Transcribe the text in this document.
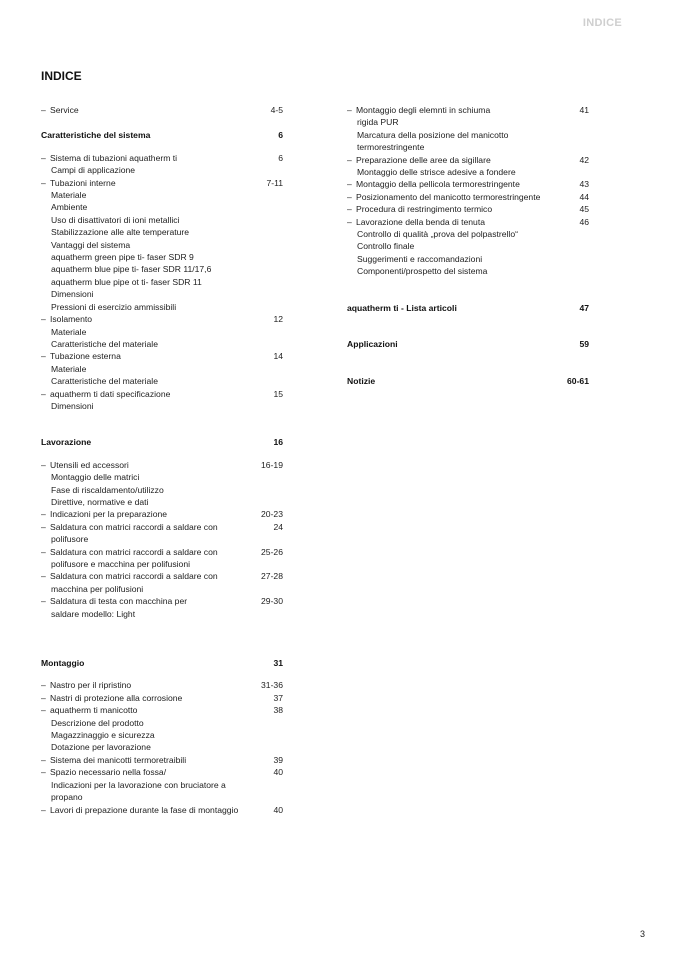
INDICE
INDICE
– Service	4-5
Caratteristiche del sistema	6
– Sistema di tubazioni aquatherm ti	6
Campi di applicazione
– Tubazioni interne	7-11
Materiale
Ambiente
Uso di disattivatori di ioni metallici
Stabilizzazione alle alte temperature
Vantaggi del sistema
aquatherm green pipe ti- faser SDR 9
aquatherm blue pipe ti- faser SDR 11/17,6
aquatherm blue pipe ot ti- faser SDR 11
Dimensioni
Pressioni di esercizio ammissibili
– Isolamento	12
Materiale
Caratteristiche del materiale
– Tubazione esterna	14
Materiale
Caratteristiche del materiale
– aquatherm ti dati specificazione	15
Dimensioni
Lavorazione	16
– Utensili ed accessori	16-19
Montaggio delle matrici
Fase di riscaldamento/utilizzo
Direttive, normative e dati
– Indicazioni per la preparazione	20-23
– Saldatura con matrici raccordi a saldare con	24
polifusore
– Saldatura con matrici raccordi a saldare con	25-26
polifusore e macchina per polifusioni
– Saldatura con matrici raccordi a saldare con	27-28
macchina per polifusioni
– Saldatura di testa con macchina per	29-30
saldare modello: Light
Montaggio	31
– Nastro per il ripristino	31-36
– Nastri di protezione alla corrosione	37
– aquatherm ti manicotto	38
Descrizione del prodotto
Magazzinaggio e sicurezza
Dotazione per lavorazione
– Sistema dei manicotti termoretraibili	39
– Spazio necessario nella fossa/	40
Indicazioni per la lavorazione con bruciatore a
propano
– Lavori di prepazione durante la fase di montaggio	40
– Montaggio degli elemnti in schiuma	41
rigida PUR
Marcatura della posizione del manicotto
termorestringente
– Preparazione delle aree da sigillare	42
Montaggio delle strisce adesive a fondere
– Montaggio della pellicola termorestringente	43
– Posizionamento del manicotto termorestringente	44
– Procedura di restringimento termico	45
– Lavorazione della benda di tenuta	46
Controllo di qualità „prova del polpastrello“
Controllo finale
Suggerimenti e raccomandazioni
Componenti/prospetto del sistema
aquatherm ti - Lista articoli	47
Applicazioni	59
Notizie	60-61
3
